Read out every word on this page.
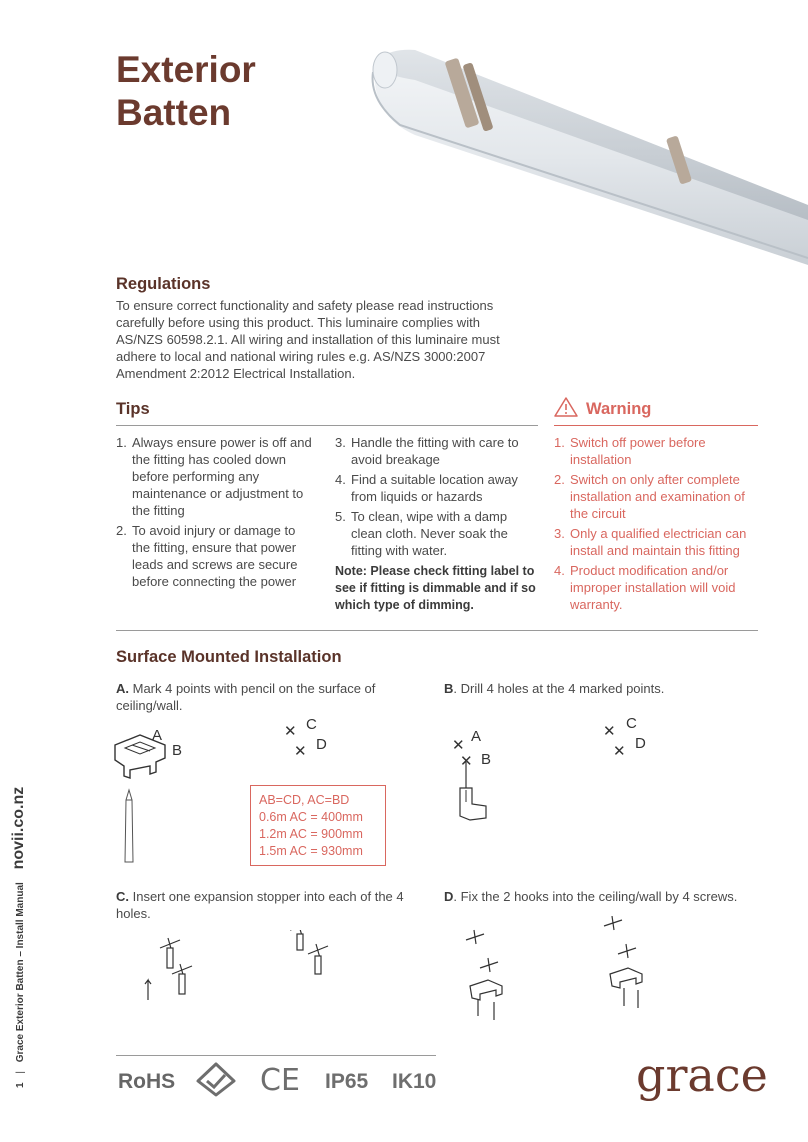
Exterior
Batten
Regulations
To ensure correct functionality and safety please read instructions carefully before using this product. This luminaire complies with AS/NZS 60598.2.1. All wiring and installation of this luminaire must adhere to local and national wiring rules e.g. AS/NZS 3000:2007 Amendment 2:2012 Electrical Installation.
Tips
1. Always ensure power is off and the fitting has cooled down before performing any maintenance or adjustment to the fitting
2. To avoid injury or damage to the fitting, ensure that power leads and screws are secure before connecting the power
3. Handle the fitting with care to avoid breakage
4. Find a suitable location away from liquids or hazards
5. To clean, wipe with a damp clean cloth. Never soak the fitting with water.
Note: Please check fitting label to see if fitting is dimmable and if so which type of dimming.
Warning
1. Switch off power before installation
2. Switch on only after complete installation and examination of the circuit
3. Only a qualified electrician can install and maintain this fitting
4. Product modification and/or improper installation will void warranty.
Surface Mounted Installation
A. Mark 4 points with pencil on the surface of ceiling/wall.
B. Drill 4 holes at the 4 marked points.
A
B
✕
✕
C
D
AB=CD, AC=BD
0.6m AC = 400mm
1.2m AC = 900mm
1.5m AC = 930mm
✕
A
✕ B
✕
✕
C
D
C. Insert one expansion stopper into each of the 4 holes.
D. Fix the 2 hooks into the ceiling/wall by 4 screws.
RoHS	CE IP65 IK10	grace
1 | Grace Exterior Batten – Install Manual novii.co.nz
